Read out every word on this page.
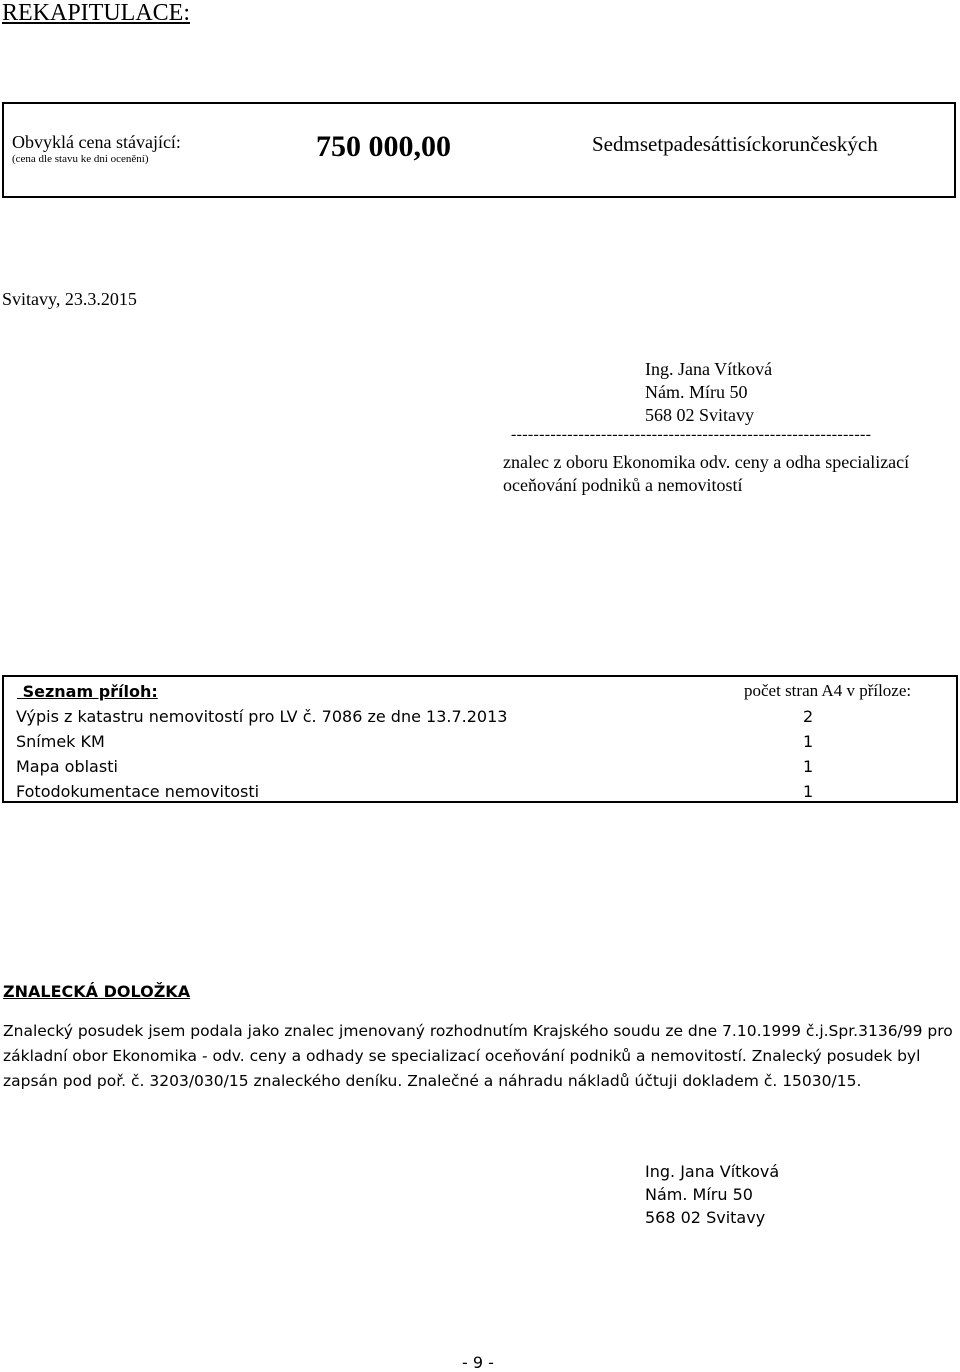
REKAPITULACE:
Obvyklá cena stávající:
(cena dle stavu ke dni ocenění)	750 000,00	Sedmsetpadesáttisíckorunčeských
Svitavy, 23.3.2015
Ing. Jana Vítková
Nám. Míru 50
568 02 Svitavy
----------------------------------------------------------------
znalec z oboru Ekonomika odv. ceny a odha specializací
oceňování podniků a nemovitostí
Seznam příloh:	počet stran A4 v příloze:
Výpis z katastru nemovitostí pro LV č. 7086 ze dne 13.7.2013	2
Snímek KM	1
Mapa oblasti	1
Fotodokumentace nemovitosti	1
ZNALECKÁ DOLOŽKA
Znalecký posudek jsem podala jako znalec jmenovaný rozhodnutím Krajského soudu ze dne 7.10.1999 č.j.Spr.3136/99 pro základní obor Ekonomika - odv. ceny a odhady se specializací oceňování podniků a nemovitostí. Znalecký posudek byl zapsán pod poř. č. 3203/030/15 znaleckého deníku. Znalečné a náhradu nákladů účtuji dokladem č. 15030/15.
Ing. Jana Vítková
Nám. Míru 50
568 02 Svitavy
- 9 -
